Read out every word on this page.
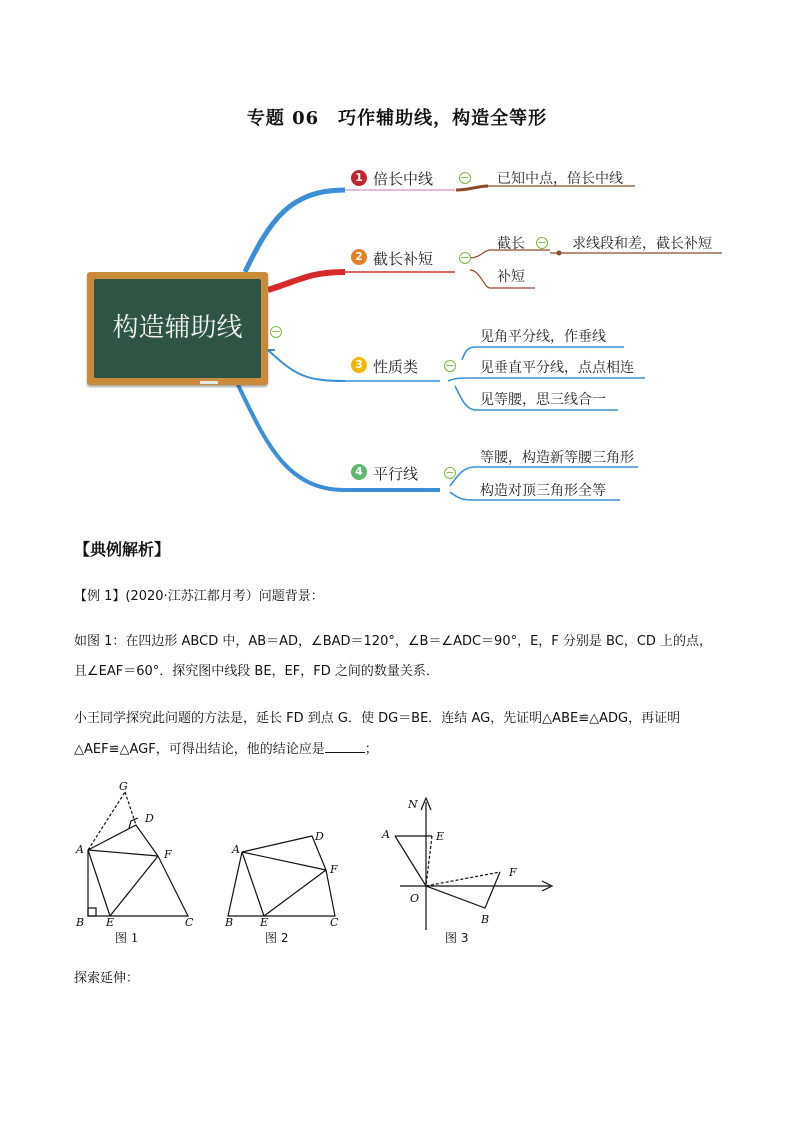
专题 06　巧作辅助线，构造全等形
构造辅助线	−
1 倍长中线 − 已知中点，倍长中线
2 截长补短 −
截长 − 求线段和差，截长补短
补短
3 性质类 −
见角平分线，作垂线
见垂直平分线，点点相连
见等腰，思三线合一
4 平行线 −
等腰，构造新等腰三角形
构造对顶三角形全等
【典例解析】
【例 1】(2020·江苏江都月考）问题背景：
如图 1：在四边形 ABCD 中，AB＝AD，∠BAD＝120°，∠B＝∠ADC＝90°，E，F 分别是 BC，CD 上的点，
且∠EAF＝60°．探究图中线段 BE，EF，FD 之间的数量关系．
小王同学探究此问题的方法是，延长 FD 到点 G．使 DG＝BE．连结 AG，先证明△ABE≌△ADG，再证明
△AEF≌△AGF，可得出结论，他的结论应是	；
G
D
A	F
B E	C
图 1
D
A
F
B E	C
图 2
N
A	E
F
O
B
图 3
探索延伸：
